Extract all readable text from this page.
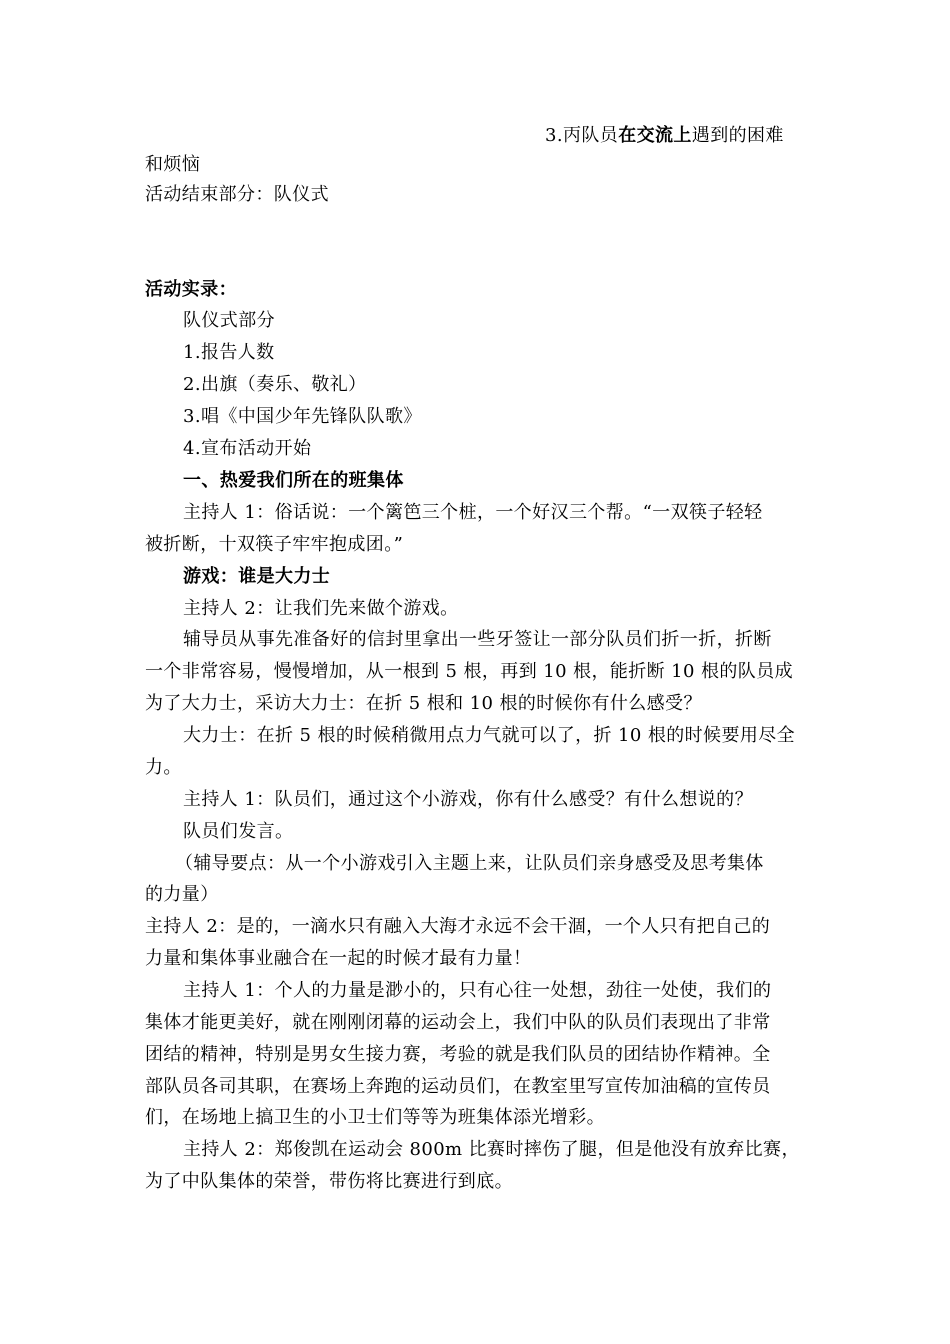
3.丙队员在交流上遇到的困难
和烦恼
活动结束部分：队仪式
活动实录：
队仪式部分
1.报告人数
2.出旗（奏乐、敬礼）
3.唱《中国少年先锋队队歌》
4.宣布活动开始
一、热爱我们所在的班集体
主持人 1：俗话说：一个篱笆三个桩，一个好汉三个帮。“一双筷子轻轻
被折断，十双筷子牢牢抱成团。”
游戏：谁是大力士
主持人 2：让我们先来做个游戏。
辅导员从事先准备好的信封里拿出一些牙签让一部分队员们折一折，折断
一个非常容易，慢慢增加，从一根到 5 根，再到 10 根，能折断 10 根的队员成
为了大力士，采访大力士：在折 5 根和 10 根的时候你有什么感受？
大力士：在折 5 根的时候稍微用点力气就可以了，折 10 根的时候要用尽全
力。
主持人 1：队员们，通过这个小游戏，你有什么感受？有什么想说的？
队员们发言。
（辅导要点：从一个小游戏引入主题上来，让队员们亲身感受及思考集体
的力量）
主持人 2：是的，一滴水只有融入大海才永远不会干涸，一个人只有把自己的
力量和集体事业融合在一起的时候才最有力量！
主持人 1：个人的力量是渺小的，只有心往一处想，劲往一处使，我们的
集体才能更美好，就在刚刚闭幕的运动会上，我们中队的队员们表现出了非常
团结的精神，特别是男女生接力赛，考验的就是我们队员的团结协作精神。全
部队员各司其职，在赛场上奔跑的运动员们，在教室里写宣传加油稿的宣传员
们，在场地上搞卫生的小卫士们等等为班集体添光增彩。
主持人 2：郑俊凯在运动会 800m 比赛时摔伤了腿，但是他没有放弃比赛，
为了中队集体的荣誉，带伤将比赛进行到底。
